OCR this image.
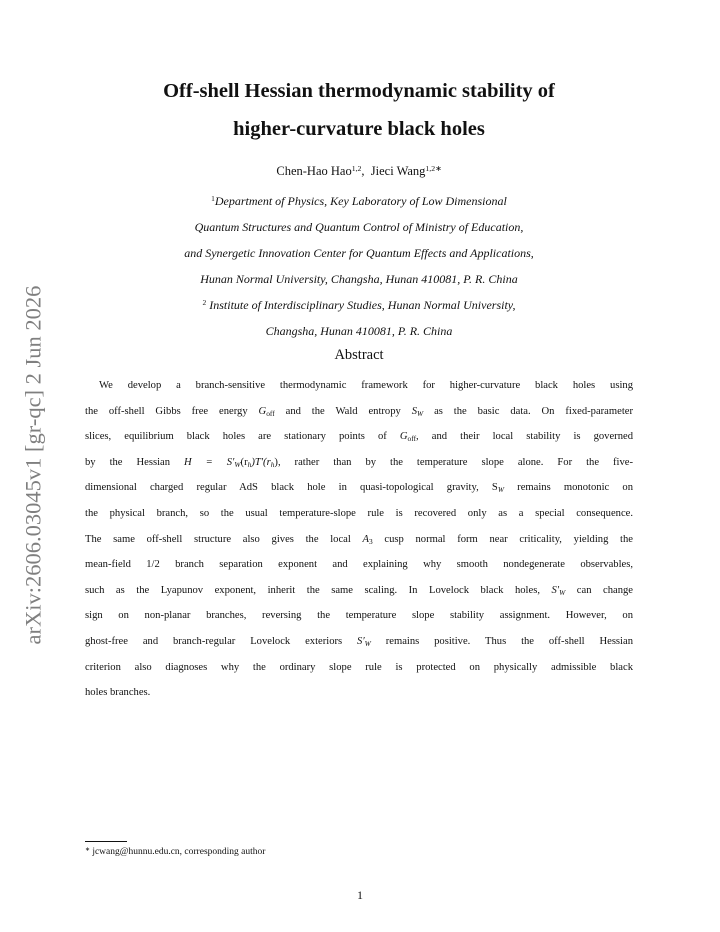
arXiv:2606.03045v1 [gr-qc] 2 Jun 2026
Off-shell Hessian thermodynamic stability of
higher-curvature black holes
Chen-Hao Hao$^{1,2}$,  Jieci Wang$^{1,2∗}$
$^1$Department of Physics, Key Laboratory of Low Dimensional
Quantum Structures and Quantum Control of Ministry of Education,
and Synergetic Innovation Center for Quantum Effects and Applications,
Hunan Normal University, Changsha, Hunan 410081, P. R. China
$^2$ Institute of Interdisciplinary Studies, Hunan Normal University,
Changsha, Hunan 410081, P. R. China
Abstract
We develop a branch-sensitive thermodynamic framework for higher-curvature black holes using
the off-shell Gibbs free energy $G_{off}$ and the Wald entropy $S_W$ as the basic data. On fixed-parameter
slices, equilibrium black holes are stationary points of $G_{off}$, and their local stability is governed
by the Hessian $H = S'_W(r_h)T'(r_h)$, rather than by the temperature slope alone. For the five-
dimensional charged regular AdS black hole in quasi-topological gravity, $S_W$ remains monotonic on
the physical branch, so the usual temperature-slope rule is recovered only as a special consequence.
The same off-shell structure also gives the local $A_3$ cusp normal form near criticality, yielding the
mean-field 1/2 branch separation exponent and explaining why smooth nondegenerate observables,
such as the Lyapunov exponent, inherit the same scaling. In Lovelock black holes, $S'_W$ can change
sign on non-planar branches, reversing the temperature slope stability assignment. However, on
ghost-free and branch-regular Lovelock exteriors $S'_W$ remains positive. Thus the off-shell Hessian
criterion also diagnoses why the ordinary slope rule is protected on physically admissible black
holes branches.
∗ jcwang@hunnu.edu.cn, corresponding author
1
